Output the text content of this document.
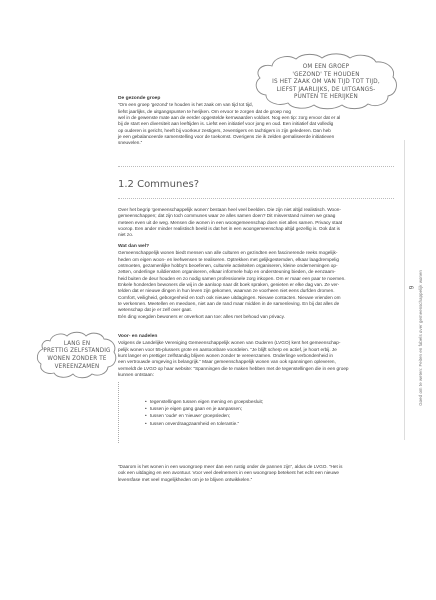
OM EEN GROEP
'GEZOND' TE HOUDEN
IS HET ZAAK OM VAN TIJD TOT TIJD,
LIEFST JAARLIJKS, DE UITGANGS-
PUNTEN TE HERIJKEN
LANG EN
PRETTIG ZELFSTANDIG
WONEN ZONDER TE
VEREENZAMEN

De gezonde groep

“Om een groep 'gezond' te houden is het zaak om van tijd tot tijd,

liefst jaarlijks, de uitgangspunten te herijken. Om ervoor te zorgen dat de groep nog

wel in de gewenste mate aan de eerder opgestelde kernwaarden voldoet. Nog een tip: zorg ervoor dat er al

bij de start een diversiteit aan leeftijden is. Liefst een initiatief voor jong en oud. Een initiatief dat volledig

op ouderen is gericht, heeft bij voorkeur zestigers, zeventigers en tachtigers in zijn gelederen. Dan heb

je een gebalanceerde samenstelling voor de toekomst. Overigens zie ik zelden gemaliseerde initiatieven

sneuvelen.”

1.2 Communes?

Over het begrip 'gemeenschappelijk wonen' bestaan heel veel beelden. Die zijn niet altijd realistisch. Woon-

gemeenschappen; dat zijn toch communes waar ze alles samen doen? Dit misverstand ruimen we graag

meteen even uit de weg. Mensen die wonen in een woongemeenschap doen niet alles samen. Privacy staat

voorop. Een ander minder realistisch beeld is dat het in een woongemeenschap altijd gezellig is. Ook dat is

niet zo.

Wat dan wel?

Gemeenschappelijk wonen biedt mensen van alle culturen en gezindten een fascinerende reeks mogelijk-

heden om eigen woon- en leefwensen te realiseren. Optrekken met gelijkgestemden, elkaar laagdrempelig

ontmoeten, gezamenlijke hobby's beoefenen, culturele activiteiten organiseren, kleine ondernemingen op-

zetten, onderlinge ruildiensten organiseren, elkaar informele hulp en ondersteuning bieden, de eenzaam-

heid buiten de deur houden en zo nodig samen professionele zorg inkopen. Om er maar een paar te noemen.

Enkele honderden bewoners die wij in de aanloop naar dit boek spraken, genieten er elke dag van. Ze ver-

telden dat er nieuwe dingen in hun leven zijn gekomen, waarvan ze voorheen niet eens durfden dromen.

Comfort, veiligheid, geborgenheid en toch ook nieuwe uitdagingen. Nieuwe contacten. Nieuwe vrienden om

te verkennen. Meetellen en meedoen, niet aan de rand maar midden in de samenleving. En bij dat alles de

wetenschap dat je er zelf over gaat.

Eén ding voegden bewoners er onverkort aan toe: alles met behoud van privacy.

Voor- en nadelen

Volgens de Landelijke Vereniging Gemeenschappelijk wonen van Ouderen (LVGO) kent het gemeenschap-

pelijk wonen voor 55-plussers grote en aantoonbare voordelen. “Je blijft scherp en actief, je hoort erbij. Je

kunt langer en prettiger zelfstandig blijven wonen zonder te vereenzamen. Onderlinge verbondenheid in

een vertrouwde omgeving is belangrijk.” Maar gemeenschappelijk wonen van ook spanningen opleveren,

vermeldt de LVGO op haar website: “Spanningen die te maken hebben met de tegenstellingen die in een groep

kunnen ontstaan:

• tegenstellingen tussen eigen mening en groepsbesluit;
• tussen je eigen gang gaan en je aanpassen;
• tussen 'oude' en 'nieuwe' groepsleden;
• tussen onverdraagzaamheid en tolerantie.”

“Daarom is het wonen in een woongroep meer dan een rustig onder de pannen zijn”, aldus de LVGO. “Het is

ook een uitdaging en een avontuur. Voor veel deelnemers in een woongroep betekent het echt een nieuwe

levensfase met veel mogelijkheden om je te blijven ontwikkelen.”

9 Goed om te weten: Feiten en fabels over gemeenschappelijk wonen
